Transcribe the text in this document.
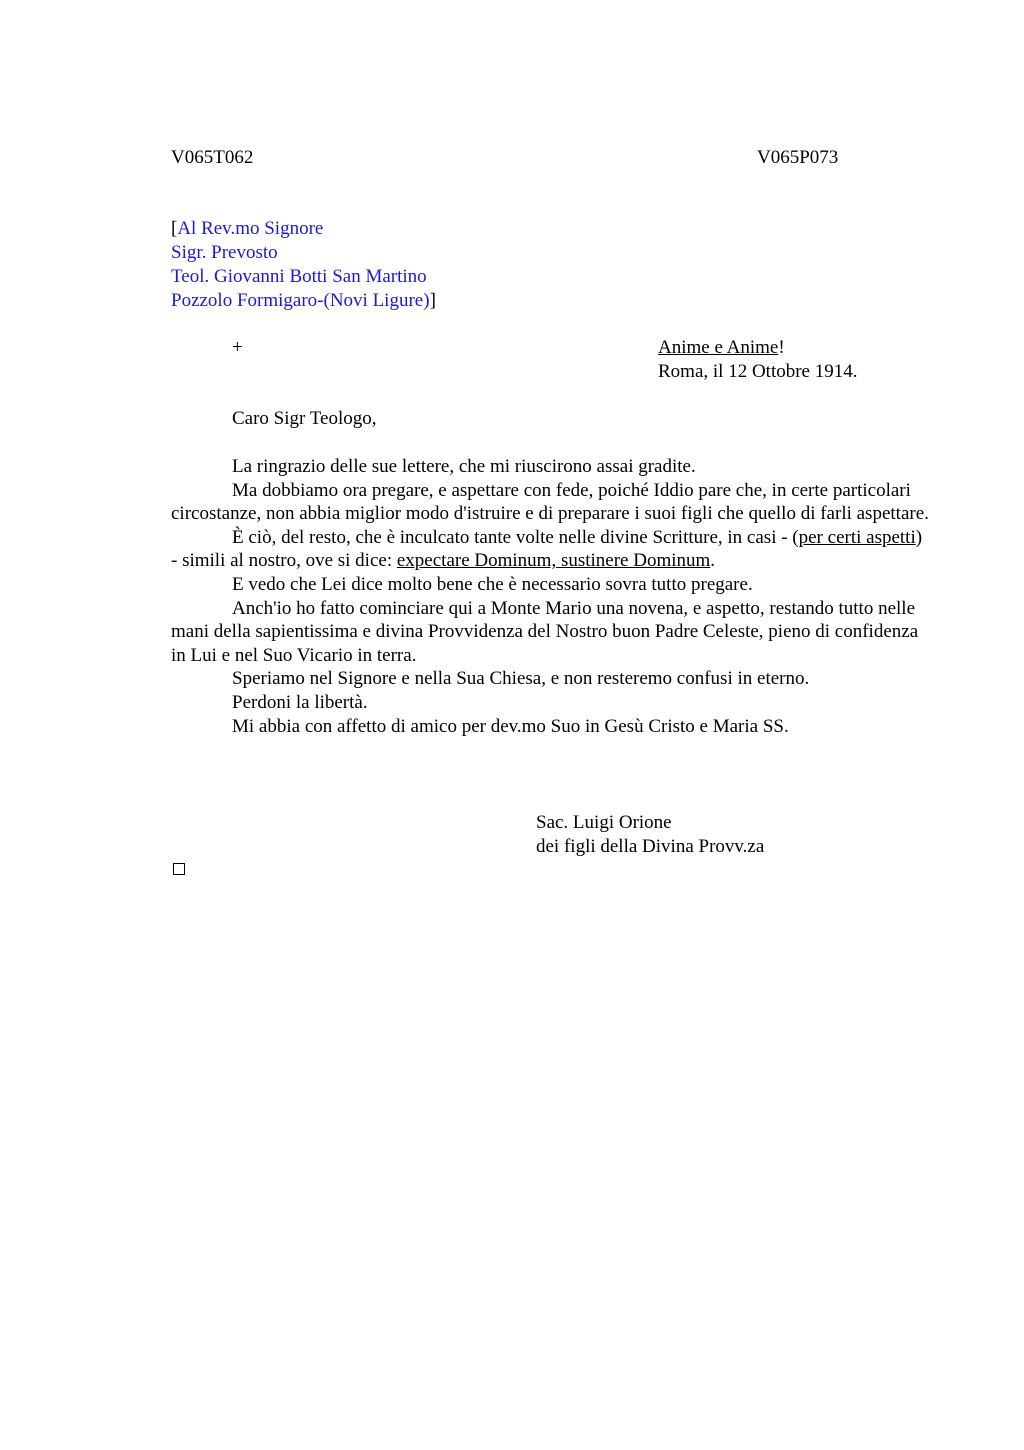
V065T062	V065P073
[Al Rev.mo Signore
Sigr. Prevosto
Teol. Giovanni Botti San Martino
Pozzolo Formigaro-(Novi Ligure)]
+	Anime e Anime!
Roma, il 12 Ottobre 1914.
Caro Sigr Teologo,

La ringrazio delle sue lettere, che mi riuscirono assai gradite.

Ma dobbiamo ora pregare, e aspettare con fede, poiché Iddio pare che, in certe particolari circostanze, non abbia miglior modo d'istruire e di preparare i suoi figli che quello di farli aspettare.

È ciò, del resto, che è inculcato tante volte nelle divine Scritture, in casi - (per certi aspetti) - simili al nostro, ove si dice: expectare Dominum, sustinere Dominum.

E vedo che Lei dice molto bene che è necessario sovra tutto pregare.

Anch'io ho fatto cominciare qui a Monte Mario una novena, e aspetto, restando tutto nelle mani della sapientissima e divina Provvidenza del Nostro buon Padre Celeste, pieno di confidenza in Lui e nel Suo Vicario in terra.

Speriamo nel Signore e nella Sua Chiesa, e non resteremo confusi in eterno.

Perdoni la libertà.

Mi abbia con affetto di amico per dev.mo Suo in Gesù Cristo e Maria SS.

Sac. Luigi Orione
dei figli della Divina Provv.za
